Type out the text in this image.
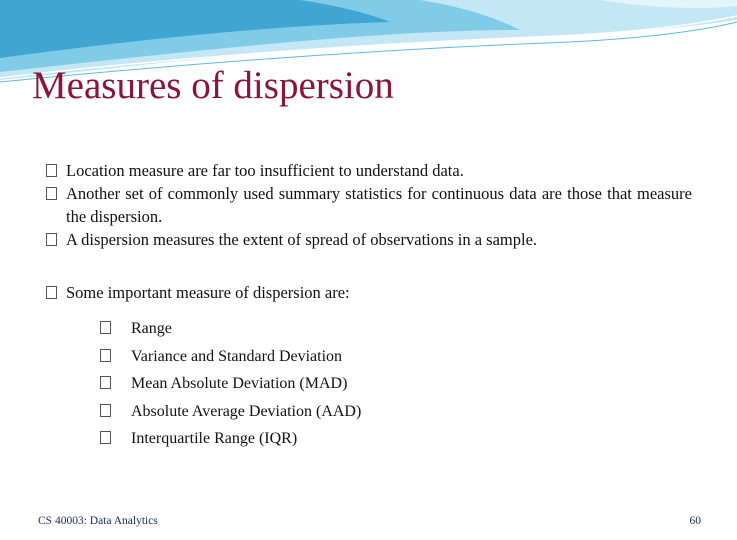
Measures of dispersion
Location measure are far too insufficient to understand data.
Another set of commonly used summary statistics for continuous data are those that measure the dispersion.
A dispersion measures the extent of spread of observations in a sample.
Some important measure of dispersion are:
Range
Variance and Standard Deviation
Mean Absolute Deviation (MAD)
Absolute Average Deviation (AAD)
Interquartile Range (IQR)
CS 40003: Data Analytics	60
